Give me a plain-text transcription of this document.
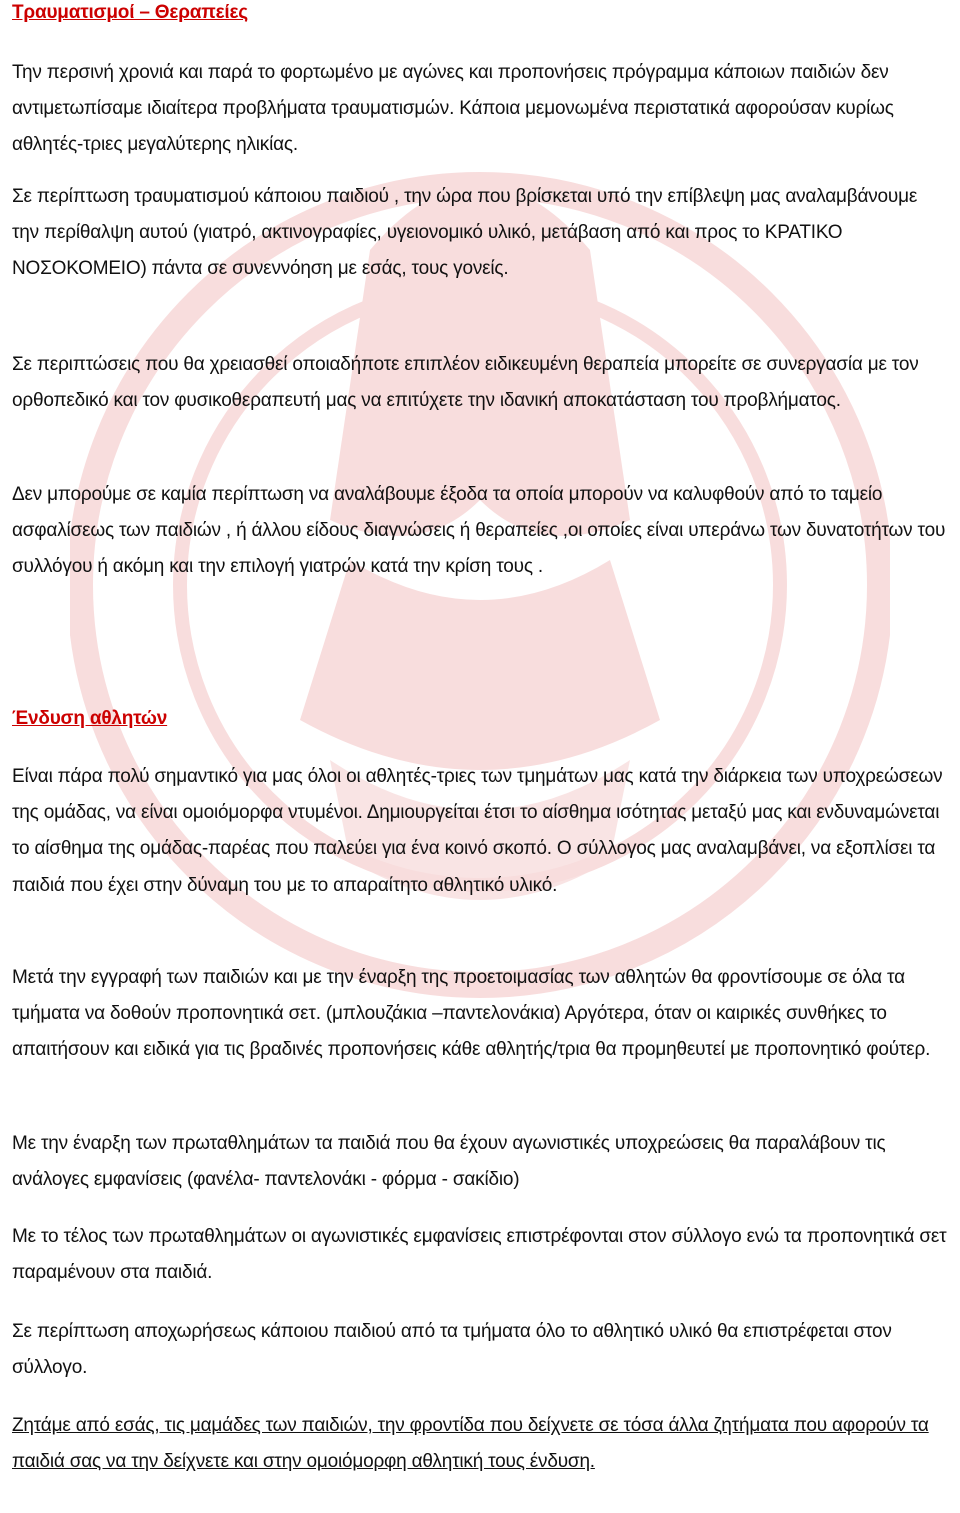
Τραυματισμοί – Θεραπείες

Την περσινή χρονιά και παρά το φορτωμένο με αγώνες και προπονήσεις πρόγραμμα κάποιων παιδιών δεν αντιμετωπίσαμε ιδιαίτερα προβλήματα τραυματισμών. Κάποια μεμονωμένα περιστατικά αφορούσαν κυρίως αθλητές-τριες μεγαλύτερης ηλικίας.

Σε περίπτωση τραυματισμού κάποιου παιδιού , την ώρα που βρίσκεται υπό την επίβλεψη μας αναλαμβάνουμε την περίθαλψη αυτού (γιατρό, ακτινογραφίες, υγειονομικό υλικό, μετάβαση από και προς το ΚΡΑΤΙΚΟ ΝΟΣΟΚΟΜΕΙΟ) πάντα σε συνεννόηση με εσάς, τους γονείς.

Σε περιπτώσεις που θα χρειασθεί οποιαδήποτε επιπλέον ειδικευμένη θεραπεία μπορείτε σε συνεργασία με τον ορθοπεδικό και τον φυσικοθεραπευτή μας να επιτύχετε την ιδανική αποκατάσταση του προβλήματος.

Δεν μπορούμε σε καμία περίπτωση να αναλάβουμε έξοδα τα οποία μπορούν να καλυφθούν από το ταμείο ασφαλίσεως των παιδιών , ή άλλου είδους διαγνώσεις ή θεραπείες ,οι οποίες είναι υπεράνω των δυνατοτήτων του συλλόγου ή ακόμη και την επιλογή γιατρών κατά την κρίση τους .

Ένδυση αθλητών

Είναι πάρα πολύ σημαντικό για μας όλοι οι αθλητές-τριες των τμημάτων μας κατά την διάρκεια των υποχρεώσεων της ομάδας, να είναι ομοιόμορφα ντυμένοι. Δημιουργείται έτσι το αίσθημα ισότητας μεταξύ μας και ενδυναμώνεται το αίσθημα της ομάδας-παρέας που παλεύει για ένα κοινό σκοπό. Ο σύλλογος μας αναλαμβάνει, να εξοπλίσει τα παιδιά που έχει στην δύναμη του με το απαραίτητο αθλητικό υλικό.

Μετά την εγγραφή των παιδιών και με την έναρξη της προετοιμασίας των αθλητών θα φροντίσουμε σε όλα τα τμήματα να δοθούν προπονητικά σετ. (μπλουζάκια –παντελονάκια) Αργότερα, όταν οι καιρικές συνθήκες το απαιτήσουν και ειδικά για τις βραδινές προπονήσεις κάθε αθλητής/τρια θα προμηθευτεί με προπονητικό φούτερ.

Με την έναρξη των πρωταθλημάτων τα παιδιά που θα έχουν αγωνιστικές υποχρεώσεις θα παραλάβουν τις ανάλογες εμφανίσεις (φανέλα- παντελονάκι - φόρμα - σακίδιο)

Με το τέλος των πρωταθλημάτων οι αγωνιστικές εμφανίσεις επιστρέφονται στον σύλλογο ενώ τα προπονητικά σετ παραμένουν στα παιδιά.

Σε περίπτωση αποχωρήσεως κάποιου παιδιού από τα τμήματα όλο το αθλητικό υλικό θα επιστρέφεται στον σύλλογο.

Ζητάμε από εσάς, τις μαμάδες των παιδιών, την φροντίδα που δείχνετε σε τόσα άλλα ζητήματα που αφορούν τα παιδιά σας να την δείχνετε και στην ομοιόμορφη αθλητική τους ένδυση.
